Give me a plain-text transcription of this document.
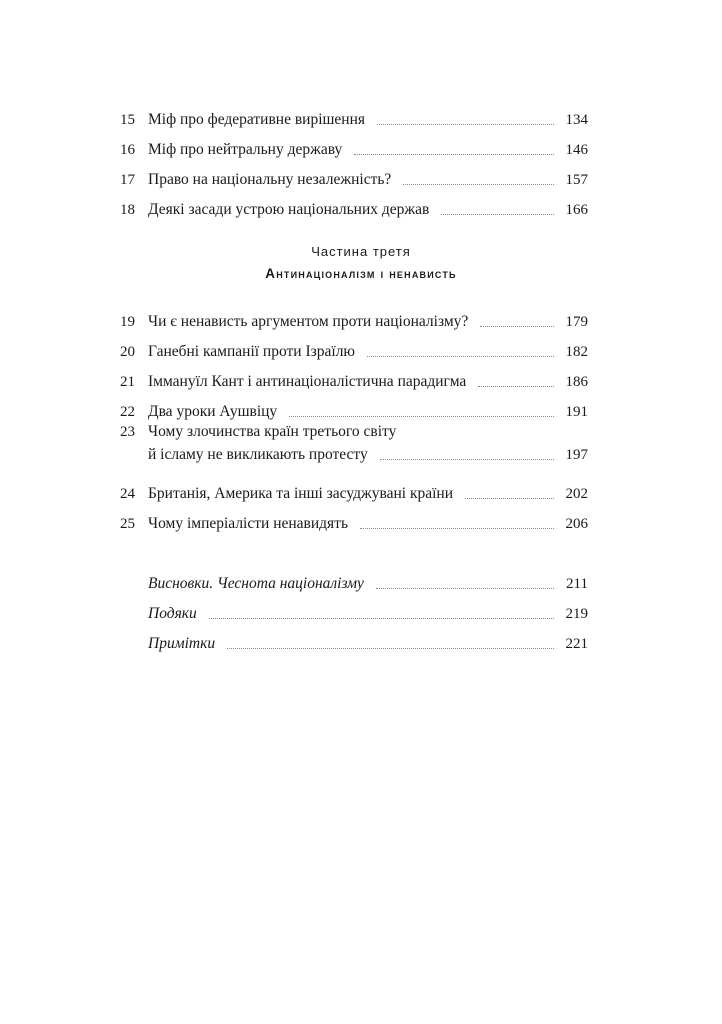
15 Міф про федеративне вирішення	134
16 Міф про нейтральну державу	146
17 Право на національну незалежність?	157
18 Деякі засади устрою національних держав	166
Частина третя
Антинаціоналізм і ненависть
19 Чи є ненависть аргументом проти націоналізму?	179
20 Ганебні кампанії проти Ізраїлю	182
21 Іммануїл Кант і антинаціоналістична парадигма	186
22 Два уроки Аушвіцу	191
23 Чому злочинства країн третього світу
й ісламу не викликають протесту	197
24 Британія, Америка та інші засуджувані країни	202
25 Чому імперіалісти ненавидять	206
Висновки. Чеснота націоналізму	211
Подяки	219
Примітки	221
